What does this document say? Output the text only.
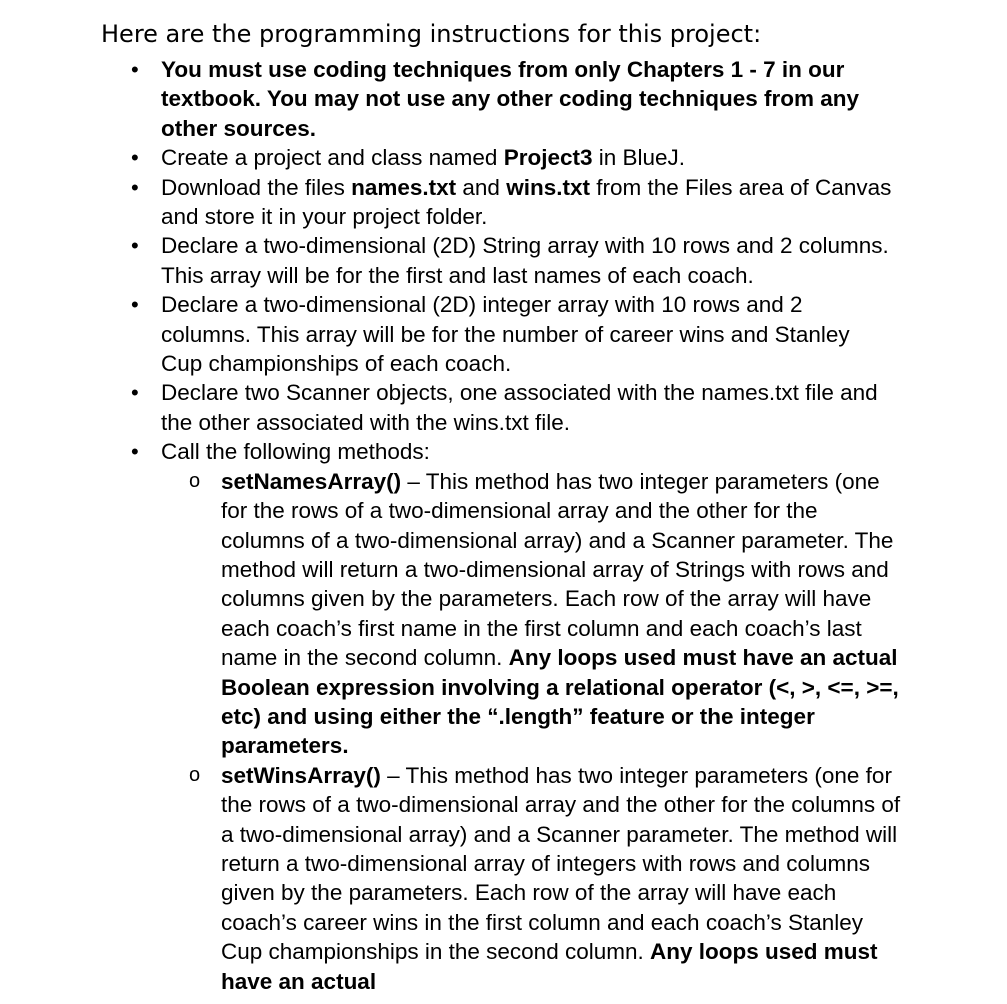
Here are the programming instructions for this project:
• You must use coding techniques from only Chapters 1 - 7 in our textbook. You may not use any other coding techniques from any other sources.
• Create a project and class named Project3 in BlueJ.
• Download the files names.txt and wins.txt from the Files area of Canvas and store it in your project folder.
• Declare a two-dimensional (2D) String array with 10 rows and 2 columns. This array will be for the first and last names of each coach.
• Declare a two-dimensional (2D) integer array with 10 rows and 2 columns. This array will be for the number of career wins and Stanley Cup championships of each coach.
• Declare two Scanner objects, one associated with the names.txt file and the other associated with the wins.txt file.
• Call the following methods:
o setNamesArray() – This method has two integer parameters (one for the rows of a two-dimensional array and the other for the columns of a two-dimensional array) and a Scanner parameter. The method will return a two-dimensional array of Strings with rows and columns given by the parameters. Each row of the array will have each coach’s first name in the first column and each coach’s last name in the second column. Any loops used must have an actual Boolean expression involving a relational operator (<, >, <=, >=, etc) and using either the “.length” feature or the integer parameters.
o setWinsArray() – This method has two integer parameters (one for the rows of a two-dimensional array and the other for the columns of a two-dimensional array) and a Scanner parameter. The method will return a two-dimensional array of integers with rows and columns given by the parameters. Each row of the array will have each coach’s career wins in the first column and each coach’s Stanley Cup championships in the second column. Any loops used must have an actual
